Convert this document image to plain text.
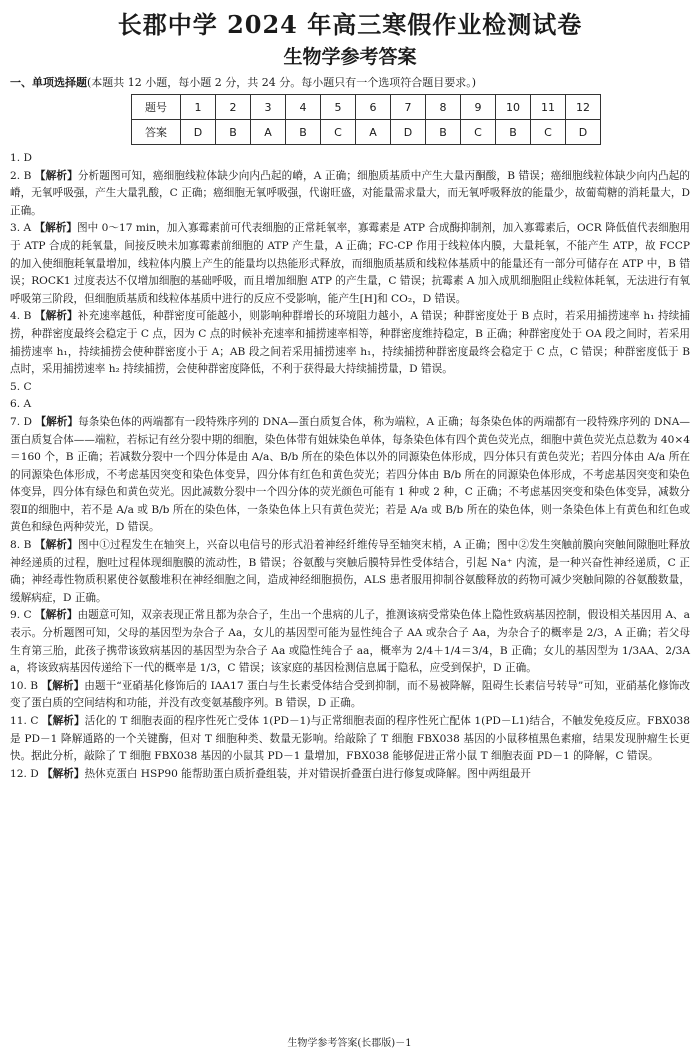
长郡中学 2024 年高三寒假作业检测试卷
生物学参考答案
一、单项选择题(本题共 12 小题，每小题 2 分，共 24 分。每小题只有一个选项符合题目要求。)
题号	1	2	3	4	5	6	7	8	9	10	11	12
答案	D	B	A	B	C	A	D	B	C	B	C	D

1. D

2. B 【解析】分析题图可知，癌细胞线粒体缺少向内凸起的嵴，A 正确；细胞质基质中产生大量丙酮酸，B 错误；癌细胞线粒体缺少向内凸起的嵴，无氧呼吸强，产生大量乳酸，C 正确；癌细胞无氧呼吸强，代谢旺盛，对能量需求量大，而无氧呼吸释放的能量少，故葡萄糖的消耗量大，D 正确。

3. A 【解析】图中 0～17 min，加入寡霉素前可代表细胞的正常耗氧率，寡霉素是 ATP 合成酶抑制剂，加入寡霉素后，OCR 降低值代表细胞用于 ATP 合成的耗氧量，间接反映未加寡霉素前细胞的 ATP 产生量，A 正确；FC-CP 作用于线粒体内膜，大量耗氧，不能产生 ATP，故 FCCP 的加入使细胞耗氧量增加，线粒体内膜上产生的能量均以热能形式释放，而细胞质基质和线粒体基质中的能量还有一部分可储存在 ATP 中，B 错误；ROCK1 过度表达不仅增加细胞的基础呼吸，而且增加细胞 ATP 的产生量，C 错误；抗霉素 A 加入成肌细胞阻止线粒体耗氧，无法进行有氧呼吸第三阶段，但细胞质基质和线粒体基质中进行的反应不受影响，能产生[H]和 CO₂，D 错误。

4. B 【解析】补充速率越低，种群密度可能越小，则影响种群增长的环境阻力越小，A 错误；种群密度处于 B 点时，若采用捕捞速率 h₁ 持续捕捞，种群密度最终会稳定于 C 点，因为 C 点的时候补充速率和捕捞速率相等，种群密度维持稳定，B 正确；种群密度处于 OA 段之间时，若采用捕捞速率 h₁，持续捕捞会使种群密度小于 A；AB 段之间若采用捕捞速率 h₁，持续捕捞种群密度最终会稳定于 C 点，C 错误；种群密度低于 B 点时，采用捕捞速率 h₂ 持续捕捞，会使种群密度降低，不利于获得最大持续捕捞量，D 错误。

5. C

6. A

7. D 【解析】每条染色体的两端都有一段特殊序列的 DNA—蛋白质复合体，称为端粒，A 正确；每条染色体的两端都有一段特殊序列的 DNA—蛋白质复合体——端粒，若标记有丝分裂中期的细胞，染色体带有姐妹染色单体，每条染色体有四个黄色荧光点，细胞中黄色荧光点总数为 40×4＝160 个，B 正确；若减数分裂中一个四分体是由 A/a、B/b 所在的染色体以外的同源染色体形成，四分体只有黄色荧光；若四分体由 A/a 所在的同源染色体形成，不考虑基因突变和染色体变异，四分体有红色和黄色荧光；若四分体由 B/b 所在的同源染色体形成，不考虑基因突变和染色体变异，四分体有绿色和黄色荧光。因此减数分裂中一个四分体的荧光颜色可能有 1 种或 2 种，C 正确；不考虑基因突变和染色体变异，减数分裂Ⅱ的细胞中，若不是 A/a 或 B/b 所在的染色体，一条染色体上只有黄色荧光；若是 A/a 或 B/b 所在的染色体，则一条染色体上有黄色和红色或黄色和绿色两种荧光，D 错误。

8. B 【解析】图中①过程发生在轴突上，兴奋以电信号的形式沿着神经纤维传导至轴突末梢，A 正确；图中②发生突触前膜向突触间隙胞吐释放神经递质的过程，胞吐过程体现细胞膜的流动性，B 错误；谷氨酸与突触后膜特异性受体结合，引起 Na⁺ 内流，是一种兴奋性神经递质，C 正确；神经毒性物质积累使谷氨酸堆积在神经细胞之间，造成神经细胞损伤，ALS 患者服用抑制谷氨酸释放的药物可减少突触间隙的谷氨酸数量，缓解病症，D 正确。

9. C 【解析】由题意可知，双亲表现正常且都为杂合子，生出一个患病的儿子，推测该病受常染色体上隐性致病基因控制，假设相关基因用 A、a 表示。分析题图可知，父母的基因型为杂合子 Aa，女儿的基因型可能为显性纯合子 AA 或杂合子 Aa，为杂合子的概率是 2/3，A 正确；若父母生育第三胎，此孩子携带该致病基因的基因型为杂合子 Aa 或隐性纯合子 aa，概率为 2/4＋1/4＝3/4，B 正确；女儿的基因型为 1/3AA、2/3Aa，将该致病基因传递给下一代的概率是 1/3，C 错误；该家庭的基因检测信息属于隐私，应受到保护，D 正确。

10. B 【解析】由题干“亚硝基化修饰后的 IAA17 蛋白与生长素受体结合受到抑制，而不易被降解，阻碍生长素信号转导”可知，亚硝基化修饰改变了蛋白质的空间结构和功能，并没有改变氨基酸序列。B 错误，D 正确。

11. C 【解析】活化的 T 细胞表面的程序性死亡受体 1(PD－1)与正常细胞表面的程序性死亡配体 1(PD－L1)结合，不触发免疫反应。FBX038 是 PD－1 降解通路的一个关键酶，但对 T 细胞种类、数量无影响。给敲除了 T 细胞 FBX038 基因的小鼠移植黑色素瘤，结果发现肿瘤生长更快。据此分析，敲除了 T 细胞 FBX038 基因的小鼠其 PD－1 量增加，FBX038 能够促进正常小鼠 T 细胞表面 PD－1 的降解，C 错误。

12. D 【解析】热休克蛋白 HSP90 能帮助蛋白质折叠组装，并对错误折叠蛋白进行修复或降解。图中两组最开

生物学参考答案(长郡版)－1
